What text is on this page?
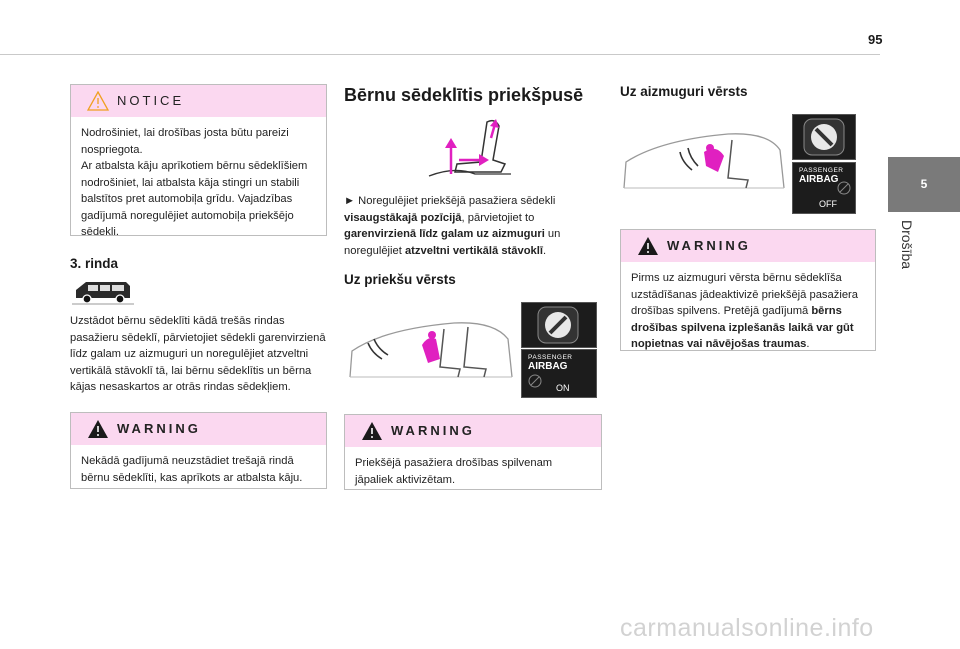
95
5
Drošība
NOTICE
Nodrošiniet, lai drošības josta būtu pareizi nospriegota.
Ar atbalsta kāju aprīkotiem bērnu sēdeklīšiem nodrošiniet, lai atbalsta kāja stingri un stabili balstītos pret automobiļa grīdu. Vajadzības gadījumā noregulējiet automobiļa priekšējo sēdekli.
3. rinda
Uzstādot bērnu sēdeklīti kādā trešās rindas pasažieru sēdeklī, pārvietojiet sēdekli garenvirzienā līdz galam uz aizmuguri un noregulējiet atzveltni vertikālā stāvoklī tā, lai bērnu sēdeklītis un bērna kājas nesaskartos ar otrās rindas sēdekļiem.
WARNING
Nekādā gadījumā neuzstādiet trešajā rindā bērnu sēdeklīti, kas aprīkots ar atbalsta kāju.
Bērnu sēdeklītis priekšpusē
► Noregulējiet priekšējā pasažiera sēdekli visaugstākajā pozīcijā, pārvietojiet to garenvirzienā līdz galam uz aizmuguri un noregulējiet atzveltni vertikālā stāvoklī.
Uz priekšu vērsts
PASSENGER
AIRBAG
ON
WARNING
Priekšējā pasažiera drošības spilvenam jāpaliek aktivizētam.
Uz aizmuguri vērsts
PASSENGER
AIRBAG
OFF
WARNING
Pirms uz aizmuguri vērsta bērnu sēdeklīša uzstādīšanas jādeaktivizē priekšējā pasažiera drošības spilvens. Pretējā gadījumā bērns drošības spilvena izplešanās laikā var gūt nopietnas vai nāvējošas traumas.
carmanualsonline.info
